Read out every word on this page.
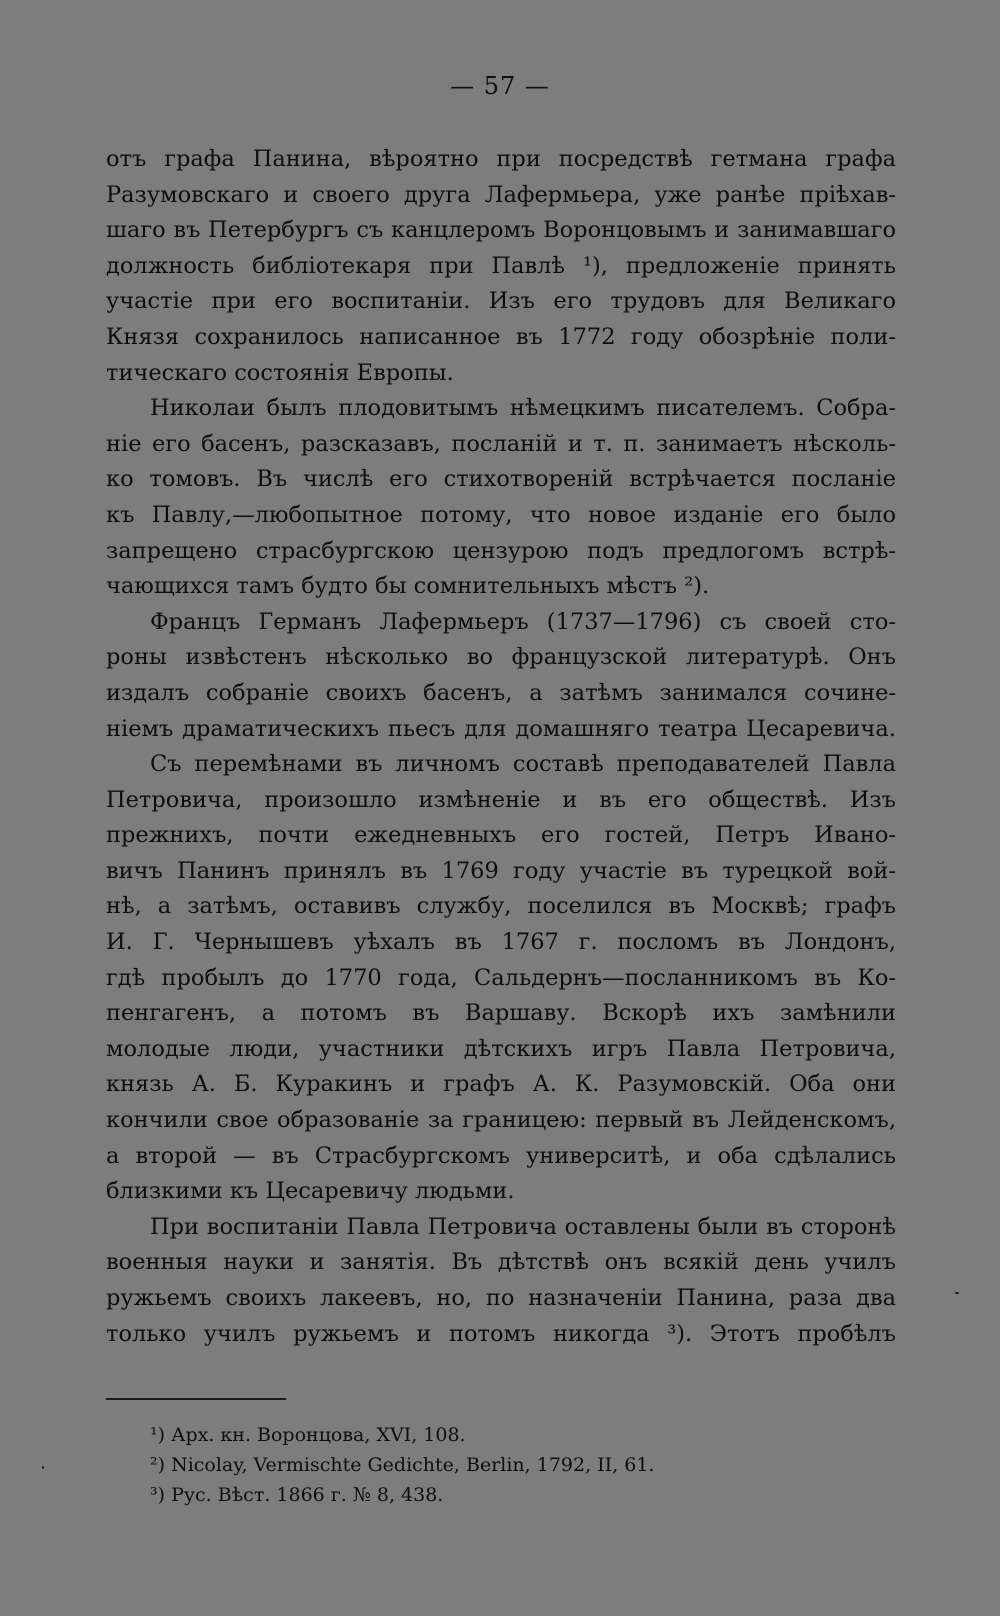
— 57 —
отъ графа Панина, вѣроятно при посредствѣ гетмана графа
Разумовскаго и своего друга Лафермьера, уже ранѣе прiѣхав-
шаго въ Петербургъ съ канцлеромъ Воронцовымъ и занимавшаго
должность библiотекаря при Павлѣ ¹), предложенiе принять
участiе при его воспитанiи. Изъ его трудовъ для Великаго
Князя сохранилось написанное въ 1772 году обозрѣнiе поли-
тическаго состоянiя Европы.
Николаи былъ плодовитымъ нѣмецкимъ писателемъ. Собра-
нiе его басенъ, разсказавъ, посланiй и т. п. занимаетъ нѣсколь-
ко томовъ. Въ числѣ его стихотворенiй встрѣчается посланiе
къ Павлу,—любопытное потому, что новое изданiе его было
запрещено страсбургскою цензурою подъ предлогомъ встрѣ-
чающихся тамъ будто бы сомнительныхъ мѣстъ ²).
Францъ Германъ Лафермьеръ (1737—1796) съ своей сто-
роны извѣстенъ нѣсколько во французской литературѣ. Онъ
издалъ собранiе своихъ басенъ, а затѣмъ занимался сочине-
нiемъ драматическихъ пьесъ для домашняго театра Цесаревича.
Съ перемѣнами въ личномъ составѣ преподавателей Павла
Петровича, произошло измѣненiе и въ его обществѣ. Изъ
прежнихъ, почти ежедневныхъ его гостей, Петръ Ивано-
вичъ Панинъ принялъ въ 1769 году участiе въ турецкой вой-
нѣ, а затѣмъ, оставивъ службу, поселился въ Москвѣ; графъ
И. Г. Чернышевъ уѣхалъ въ 1767 г. посломъ въ Лондонъ,
гдѣ пробылъ до 1770 года, Сальдернъ—посланникомъ въ Ко-
пенгагенъ, а потомъ въ Варшаву. Вскорѣ ихъ замѣнили
молодые люди, участники дѣтскихъ игръ Павла Петровича,
князь А. Б. Куракинъ и графъ А. К. Разумовскiй. Оба они
кончили свое образованiе за границею: первый въ Лейденскомъ,
а второй — въ Страсбургскомъ университѣ, и оба сдѣлались
близкими къ Цесаревичу людьми.
При воспитанiи Павла Петровича оставлены были въ сторонѣ
военныя науки и занятiя. Въ дѣтствѣ онъ всякiй день училъ
ружьемъ своихъ лакеевъ, но, по назначенiи Панина, раза два
только училъ ружьемъ и потомъ никогда ³). Этотъ пробѣлъ
¹) Арх. кн. Воронцова, XVI, 108.
²) Nicolay, Vermischte Gedichte, Berlin, 1792, II, 61.
³) Рус. Вѣст. 1866 г. № 8, 438.
